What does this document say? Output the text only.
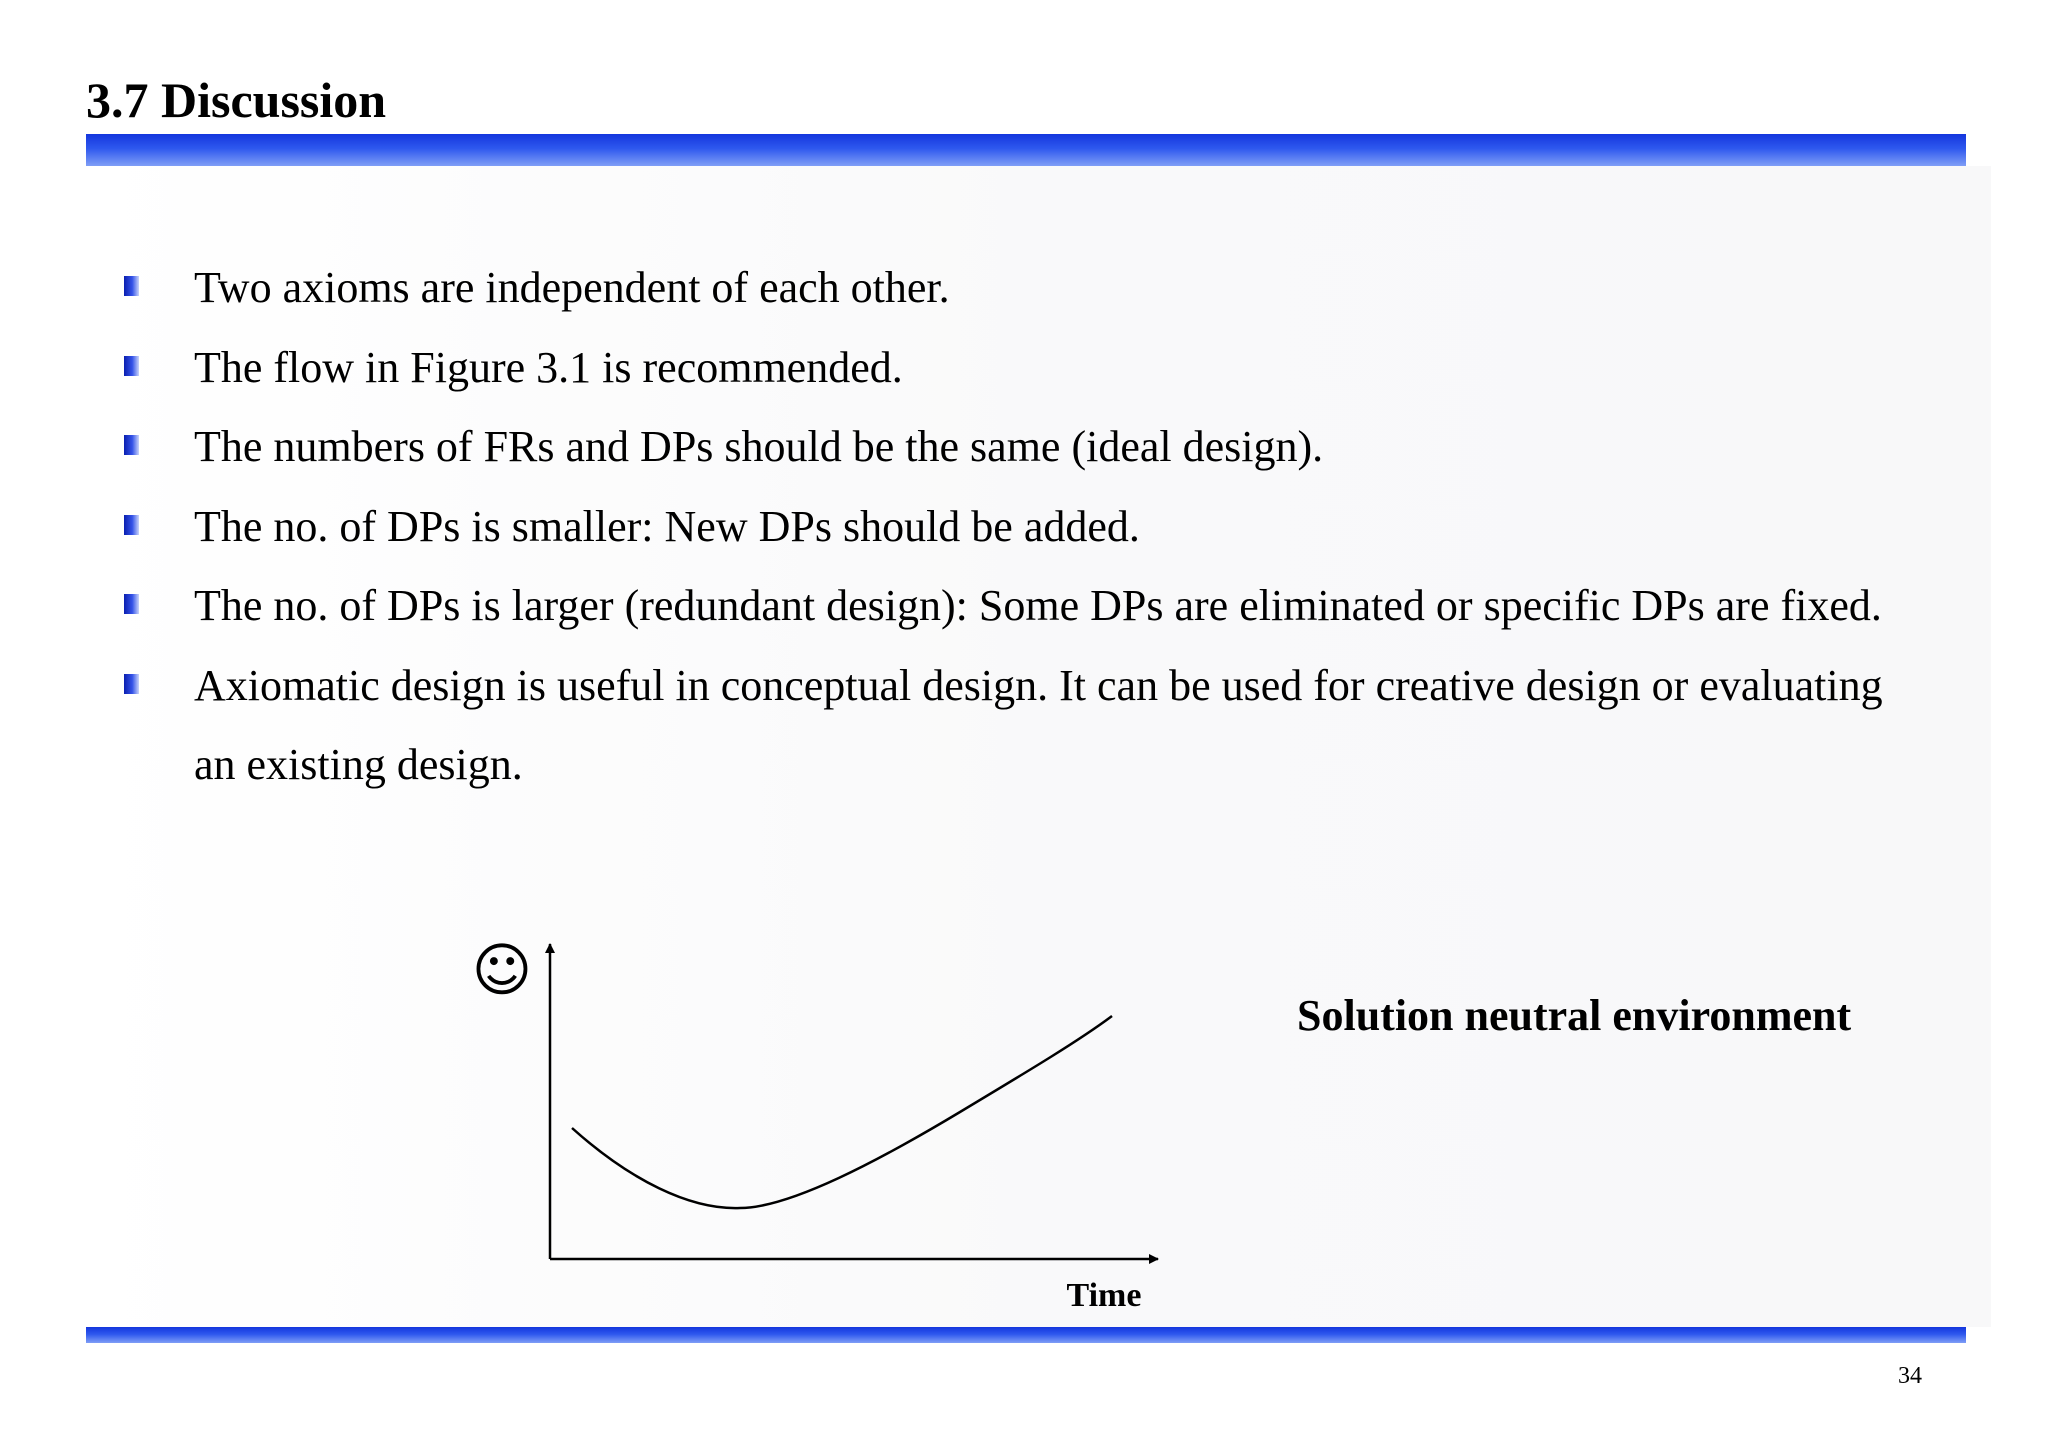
3.7 Discussion
Two axioms are independent of each other.
The flow in Figure 3.1 is recommended.
The numbers of FRs and DPs should be the same (ideal design).
The no. of DPs is smaller: New DPs should be added.
The no. of DPs is larger (redundant design): Some DPs are eliminated or specific DPs are fixed.
Axiomatic design is useful in conceptual design. It can be used for creative design or evaluating an existing design.
☺
Time
Solution neutral environment
34
